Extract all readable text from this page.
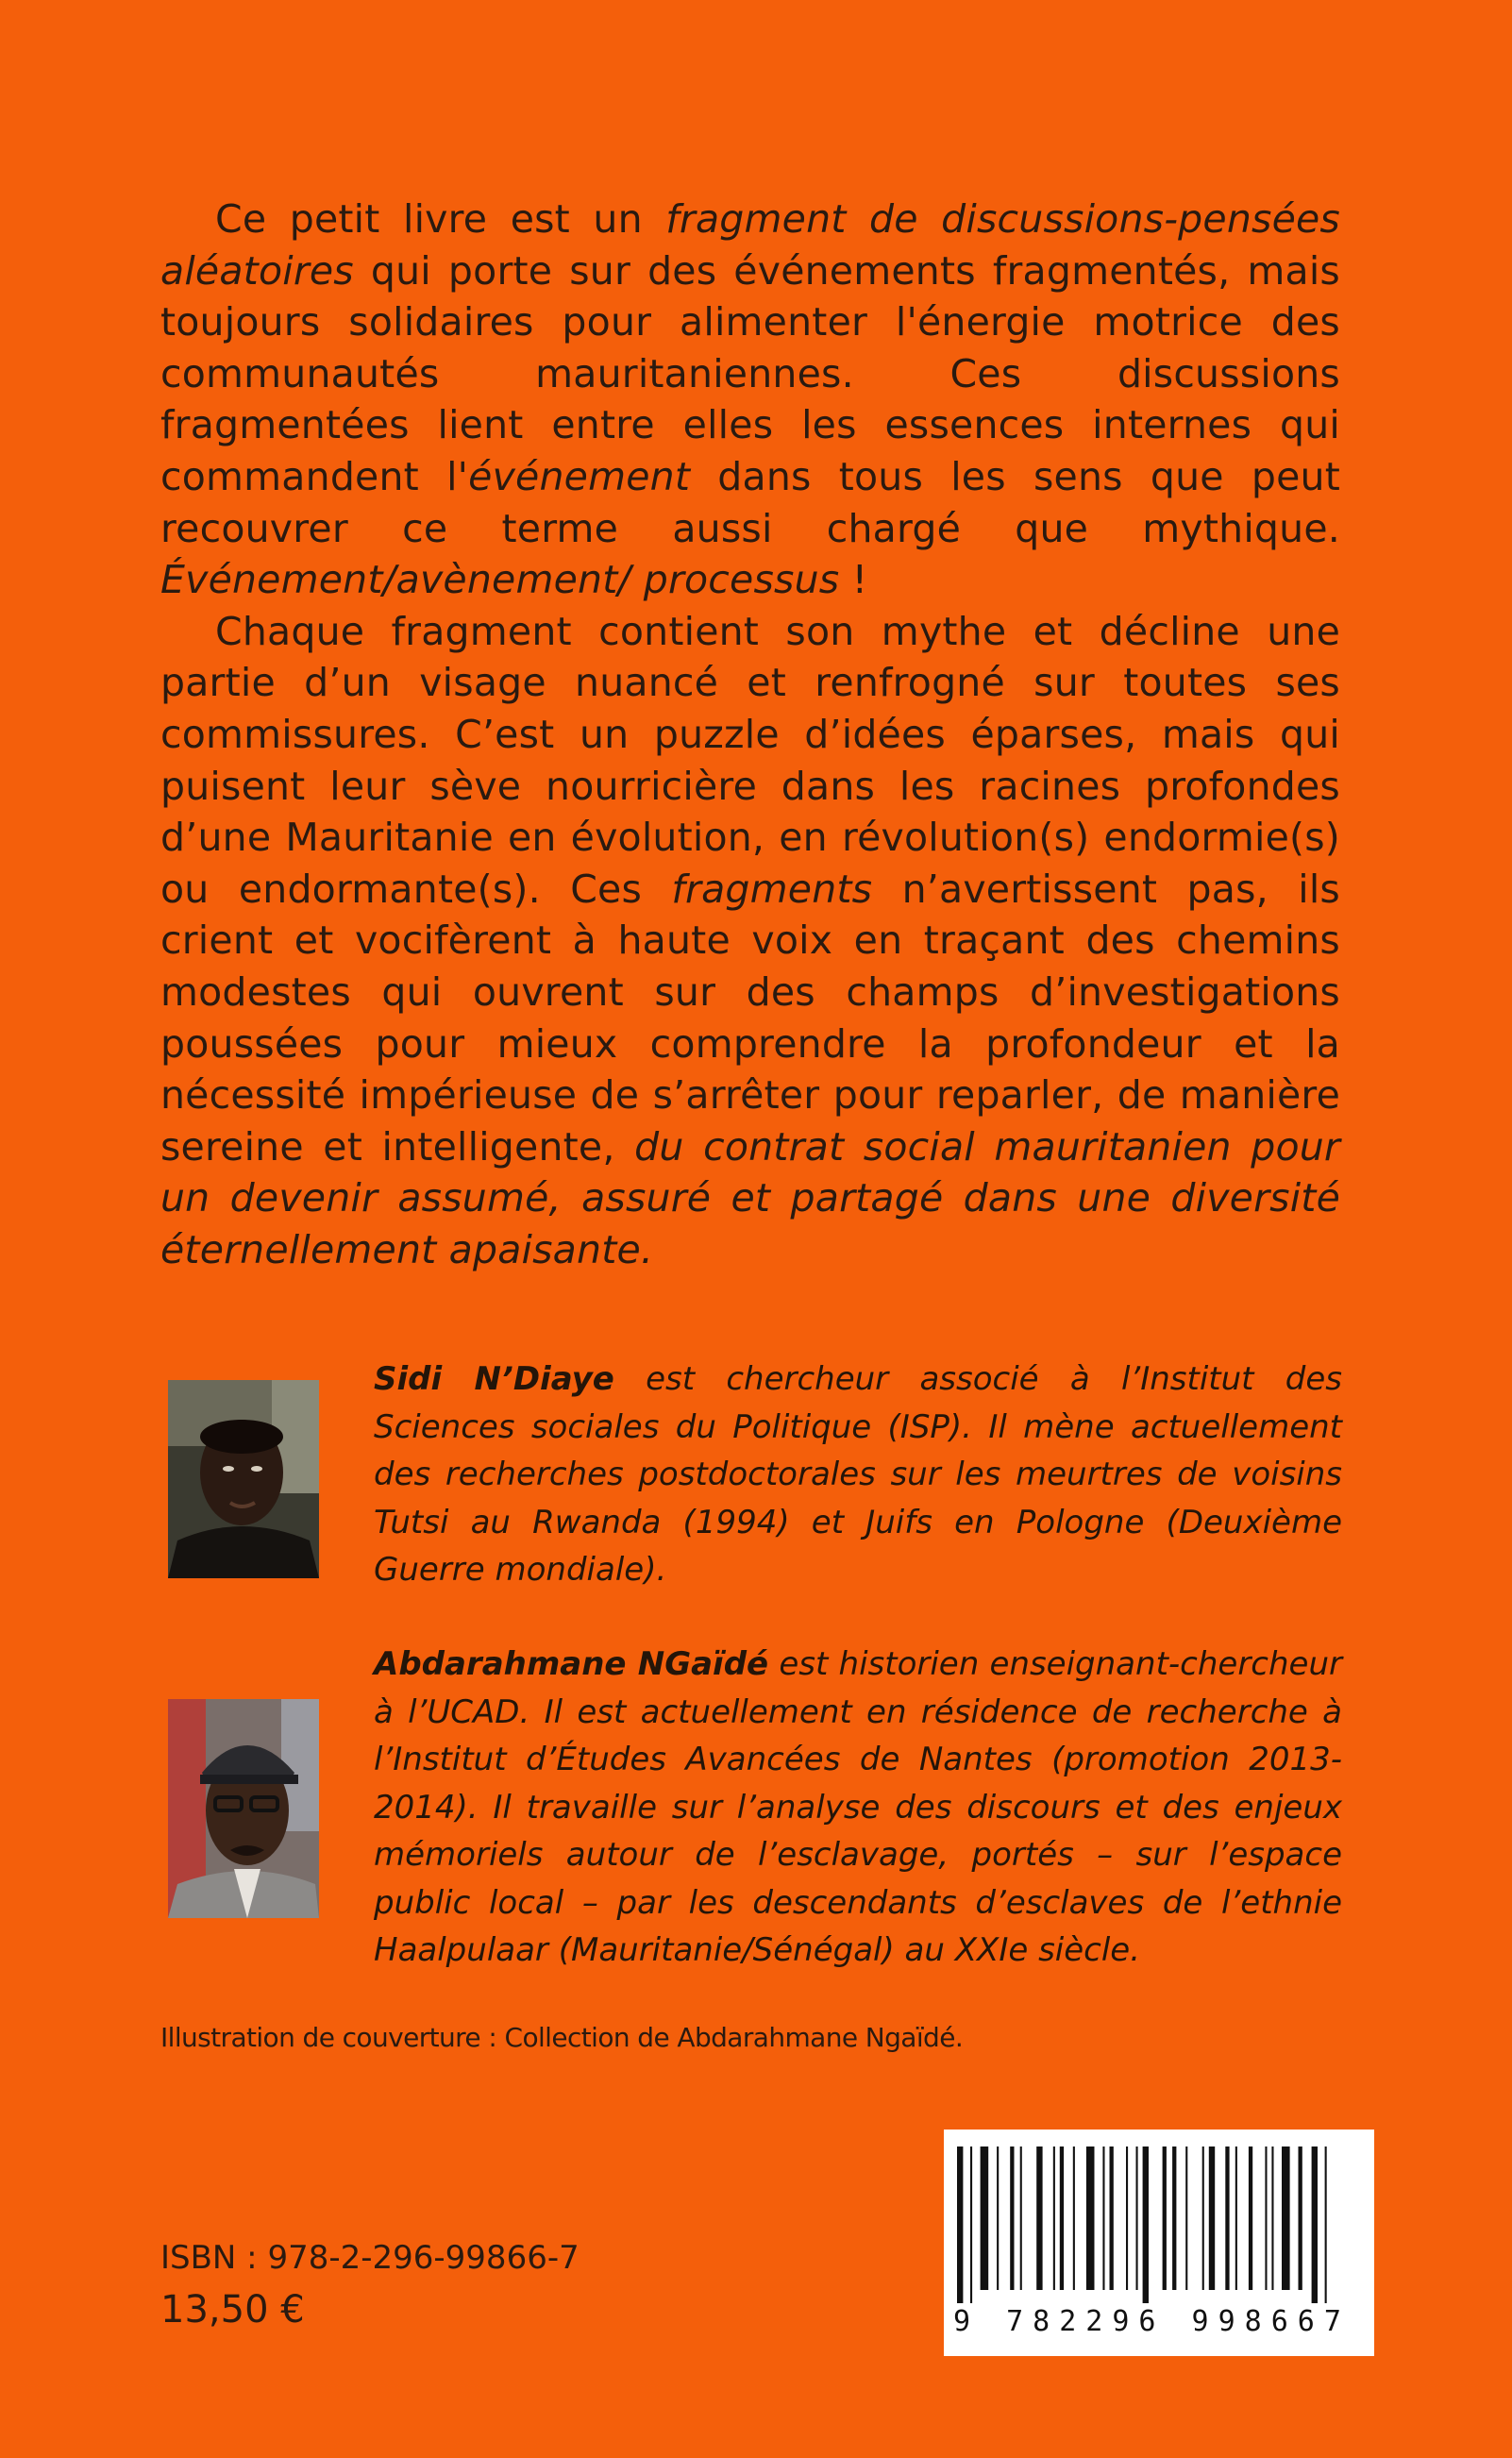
Ce petit livre est un fragment de discussions-pensées aléatoires qui porte sur des événements fragmentés, mais toujours solidaires pour alimenter l'énergie motrice des communautés mauritaniennes. Ces discussions fragmentées lient entre elles les essences internes qui commandent l'événement dans tous les sens que peut recouvrer ce terme aussi chargé que mythique. Événement/avènement/ processus !

Chaque fragment contient son mythe et décline une partie d’un visage nuancé et renfrogné sur toutes ses commissures. C’est un puzzle d’idées éparses, mais qui puisent leur sève nourricière dans les racines profondes d’une Mauritanie en évolution, en révolution(s) endormie(s) ou endormante(s). Ces fragments n’avertissent pas, ils crient et vocifèrent à haute voix en traçant des chemins modestes qui ouvrent sur des champs d’investigations poussées pour mieux comprendre la profondeur et la nécessité impérieuse de s’arrêter pour reparler, de manière sereine et intelligente, du contrat social mauritanien pour un devenir assumé, assuré et partagé dans une diversité éternellement apaisante.

Sidi N’Diaye est chercheur associé à l’Institut des Sciences sociales du Politique (ISP). Il mène actuellement des recherches postdoctorales sur les meurtres de voisins Tutsi au Rwanda (1994) et Juifs en Pologne (Deuxième Guerre mondiale).
Abdarahmane NGaïdé est historien enseignant-chercheur à l’UCAD. Il est actuellement en résidence de recherche à l’Institut d’Études Avancées de Nantes (promotion 2013-2014). Il travaille sur l’analyse des discours et des enjeux mémoriels autour de l’esclavage, portés – sur l’espace public local – par les descendants d’esclaves de l’ethnie Haalpulaar (Mauritanie/Sénégal) au XXIe siècle.
Illustration de couverture : Collection de Abdarahmane Ngaïdé.
ISBN : 978-2-296-99866-7
13,50 €	9 782296 998667
